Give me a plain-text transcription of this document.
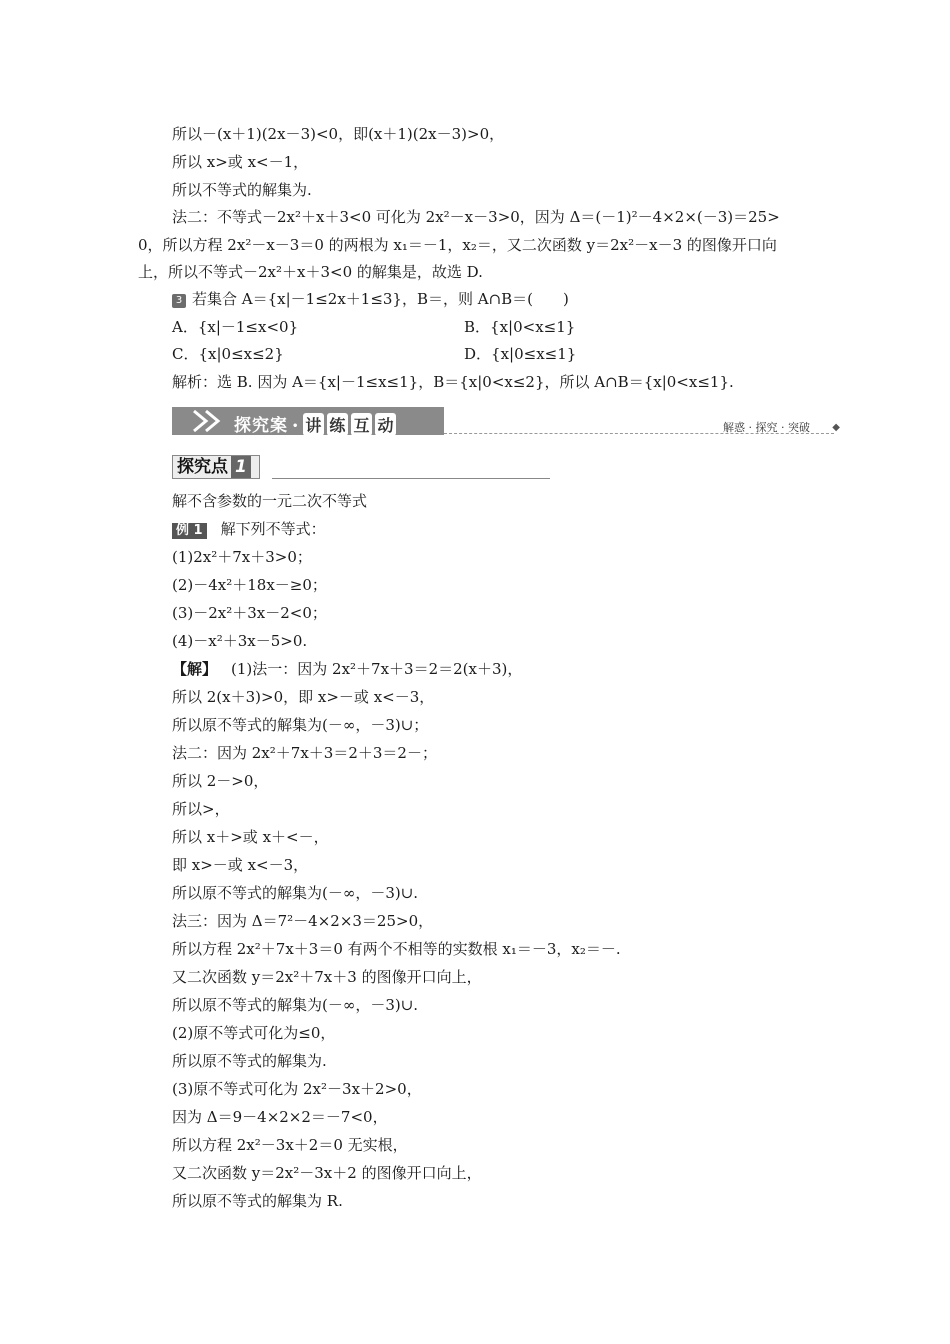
所以－(x＋1)(2x－3)<0，即(x＋1)(2x－3)>0，
所以 x>或 x<－1，
所以不等式的解集为.
法二：不等式－2x²＋x＋3<0 可化为 2x²－x－3>0，因为 Δ＝(－1)²－4×2×(－3)＝25>
0，所以方程 2x²－x－3＝0 的两根为 x₁＝－1，x₂＝，又二次函数 y＝2x²－x－3 的图像开口向
上，所以不等式－2x²＋x＋3<0 的解集是，故选 D.
3 若集合 A＝{x|－1≤2x＋1≤3}，B＝，则 A∩B＝(　　)
A．{x|－1≤x<0}	B．{x|0<x≤1}
C．{x|0≤x≤2}	D．{x|0≤x≤1}
解析：选 B. 因为 A＝{x|－1≤x≤1}，B＝{x|0<x≤2}，所以 A∩B＝{x|0<x≤1}.
探究案 • 讲 练 互 动	解惑 · 探究 · 突破 ◆
探究点 1
解不含参数的一元二次不等式
例 1 解下列不等式：
(1)2x²＋7x＋3>0；
(2)－4x²＋18x－≥0；
(3)－2x²＋3x－2<0；
(4)－x²＋3x－5>0.
【解】 (1)法一：因为 2x²＋7x＋3＝2＝2(x＋3)，
所以 2(x＋3)>0，即 x>－或 x<－3，
所以原不等式的解集为(－∞，－3)∪；
法二：因为 2x²＋7x＋3＝2＋3＝2－；
所以 2－>0，
所以>，
所以 x＋>或 x＋<－，
即 x>－或 x<－3，
所以原不等式的解集为(－∞，－3)∪.
法三：因为 Δ＝7²－4×2×3＝25>0，
所以方程 2x²＋7x＋3＝0 有两个不相等的实数根 x₁＝－3，x₂＝－.
又二次函数 y＝2x²＋7x＋3 的图像开口向上，
所以原不等式的解集为(－∞，－3)∪.
(2)原不等式可化为≤0，
所以原不等式的解集为.
(3)原不等式可化为 2x²－3x＋2>0，
因为 Δ＝9－4×2×2＝－7<0，
所以方程 2x²－3x＋2＝0 无实根，
又二次函数 y＝2x²－3x＋2 的图像开口向上，
所以原不等式的解集为 R.
